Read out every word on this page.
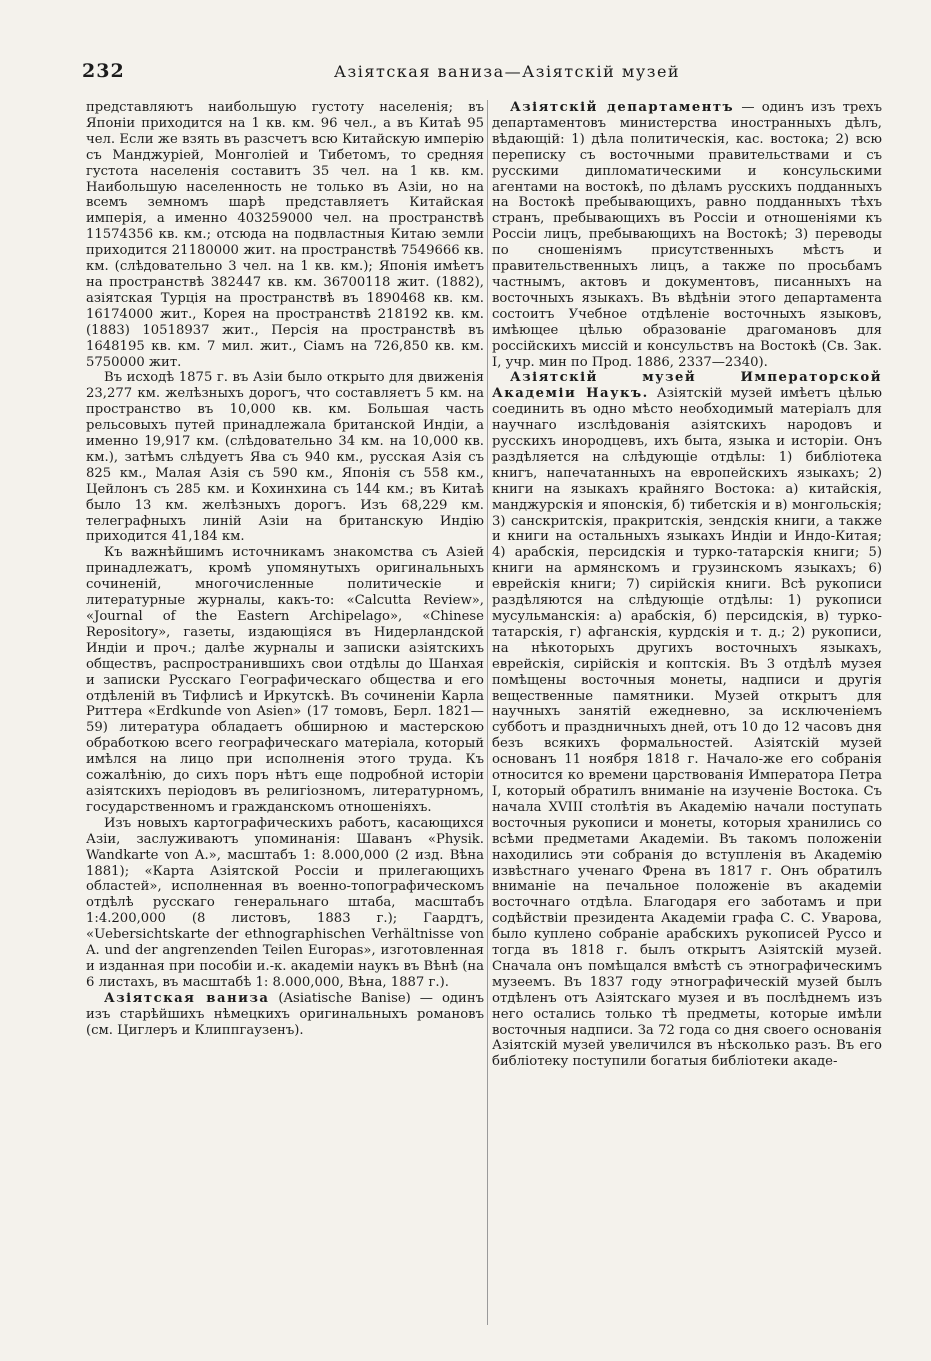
232	Азіятская ваниза—Азіятскій музей

представляютъ наибольшую густоту населенія; въ Японіи приходится на 1 кв. км. 96 чел., а въ Китаѣ 95 чел. Если же взять въ разсчетъ всю Китайскую имперію съ Манджуріей, Монголіей и Тибетомъ, то средняя густота населенія составитъ 35 чел. на 1 кв. км. Наибольшую населенность не только въ Азіи, но на всемъ земномъ шарѣ представляетъ Китайская имперія, а именно 403259000 чел. на пространствѣ 11574356 кв. км.; отсюда на подвластныя Китаю земли приходится 21180000 жит. на пространствѣ 7549666 кв. км. (слѣдовательно 3 чел. на 1 кв. км.); Японія имѣетъ на пространствѣ 382447 кв. км. 36700118 жит. (1882), азіятская Турція на пространствѣ въ 1890468 кв. км. 16174000 жит., Корея на пространствѣ 218192 кв. км. (1883) 10518937 жит., Персія на пространствѣ въ 1648195 кв. км. 7 мил. жит., Сіамъ на 726,850 кв. км. 5750000 жит.

Въ исходѣ 1875 г. въ Азіи было открыто для движенія 23,277 км. желѣзныхъ дорогъ, что составляетъ 5 км. на пространство въ 10,000 кв. км. Большая часть рельсовыхъ путей принадлежала британской Индіи, а именно 19,917 км. (слѣдовательно 34 км. на 10,000 кв. км.), затѣмъ слѣдуетъ Ява съ 940 км., русская Азія съ 825 км., Малая Азія съ 590 км., Японія съ 558 км., Цейлонъ съ 285 км. и Кохинхина съ 144 км.; въ Китаѣ было 13 км. желѣзныхъ дорогъ. Изъ 68,229 км. телеграфныхъ линій Азіи на британскую Индію приходится 41,184 км.

Къ важнѣйшимъ источникамъ знакомства съ Азіей принадлежатъ, кромѣ упомянутыхъ оригинальныхъ сочиненій, многочисленные политическіе и литературные журналы, какъ-то: «Calcutta Review», «Journal of the Eastern Archipelago», «Chinese Repository», газеты, издающіяся въ Нидерландской Индіи и проч.; далѣе журналы и записки азіятскихъ обществъ, распространившихъ свои отдѣлы до Шанхая и записки Русскаго Географическаго общества и его отдѣленій въ Тифлисѣ и Иркутскѣ. Въ сочиненіи Карла Риттера «Erdkunde von Asien» (17 томовъ, Берл. 1821—59) литература обладаетъ обширною и мастерскою обработкою всего географическаго матеріала, который имѣлся на лицо при исполненія этого труда. Къ сожалѣнію, до сихъ поръ нѣтъ еще подробной исторіи азіятскихъ періодовъ въ религіозномъ, литературномъ, государственномъ и гражданскомъ отношеніяхъ.

Изъ новыхъ картографическихъ работъ, касающихся Азіи, заслуживаютъ упоминанія: Шаванъ «Physik. Wandkarte von A.», масштабъ 1: 8.000,000 (2 изд. Вѣна 1881); «Карта Азіятской Россіи и прилегающихъ областей», исполненная въ военно-топографическомъ отдѣлѣ русскаго генеральнаго штаба, масштабъ 1:4.200,000 (8 листовъ, 1883 г.); Гаардтъ, «Uebersichtskarte der ethnographischen Verhältnisse von A. und der angrenzenden Teilen Europas», изготовленная и изданная при пособіи и.-к. академіи наукъ въ Вѣнѣ (на 6 листахъ, въ масштабѣ 1: 8.000,000, Вѣна, 1887 г.).

Азіятская ваниза (Asiatische Banise) — одинъ изъ старѣйшихъ нѣмецкихъ оригинальныхъ романовъ (см. Циглеръ и Клиппгаузенъ).

Азіятскій департаментъ — одинъ изъ трехъ департаментовъ министерства иностранныхъ дѣлъ, вѣдающій: 1) дѣла политическія, кас. востока; 2) всю переписку съ восточными правительствами и съ русскими дипломатическими и консульскими агентами на востокѣ, по дѣламъ русскихъ подданныхъ на Востокѣ пребывающихъ, равно подданныхъ тѣхъ странъ, пребывающихъ въ Россіи и отношеніями къ Россіи лицъ, пребывающихъ на Востокѣ; 3) переводы по сношеніямъ присутственныхъ мѣстъ и правительственныхъ лицъ, а также по просьбамъ частнымъ, актовъ и документовъ, писанныхъ на восточныхъ языкахъ. Въ вѣдѣніи этого департамента состоитъ Учебное отдѣленіе восточныхъ языковъ, имѣющее цѣлью образованіе драгомановъ для россійскихъ миссій и консульствъ на Востокѣ (Св. Зак. I, учр. мин по Прод. 1886, 2337—2340).

Азіятскій музей Императорской Академіи Наукъ. Азіятскій музей имѣетъ цѣлью соединить въ одно мѣсто необходимый матеріалъ для научнаго изслѣдованія азіятскихъ народовъ и русскихъ инородцевъ, ихъ быта, языка и исторіи. Онъ раздѣляется на слѣдующіе отдѣлы: 1) библіотека книгъ, напечатанныхъ на европейскихъ языкахъ; 2) книги на языкахъ крайняго Востока: а) китайскія, манджурскія и японскія, б) тибетскія и в) монгольскія; 3) санскритскія, пракритскія, зендскія книги, а также и книги на остальныхъ языкахъ Индіи и Индо-Китая; 4) арабскія, персидскія и турко-татарскія книги; 5) книги на армянскомъ и грузинскомъ языкахъ; 6) еврейскія книги; 7) сирійскія книги. Всѣ рукописи раздѣляются на слѣдующіе отдѣлы: 1) рукописи мусульманскія: а) арабскія, б) персидскія, в) турко-татарскія, г) афганскія, курдскія и т. д.; 2) рукописи, на нѣкоторыхъ другихъ восточныхъ языкахъ, еврейскія, сирійскія и коптскія. Въ 3 отдѣлѣ музея помѣщены восточныя монеты, надписи и другія вещественные памятники. Музей открытъ для научныхъ занятій ежедневно, за исключеніемъ субботъ и праздничныхъ дней, отъ 10 до 12 часовъ дня безъ всякихъ формальностей. Азіятскій музей основанъ 11 ноября 1818 г. Начало-же его собранія относится ко времени царствованія Императора Петра I, который обратилъ вниманіе на изученіе Востока. Съ начала XVIII столѣтія въ Академію начали поступать восточныя рукописи и монеты, которыя хранились со всѣми предметами Академіи. Въ такомъ положеніи находились эти собранія до вступленія въ Академію извѣстнаго ученаго Френа въ 1817 г. Онъ обратилъ вниманіе на печальное положеніе въ академіи восточнаго отдѣла. Благодаря его заботамъ и при содѣйствіи президента Академіи графа С. С. Уварова, было куплено собраніе арабскихъ рукописей Руссо и тогда въ 1818 г. былъ открытъ Азіятскій музей. Сначала онъ помѣщался вмѣстѣ съ этнографическимъ музеемъ. Въ 1837 году этнографическій музей былъ отдѣленъ отъ Азіятскаго музея и въ послѣднемъ изъ него остались только тѣ предметы, которые имѣли восточныя надписи. За 72 года со дня своего основанія Азіятскій музей увеличился въ нѣсколько разъ. Въ его библіотеку поступили богатыя библіотеки акаде-
